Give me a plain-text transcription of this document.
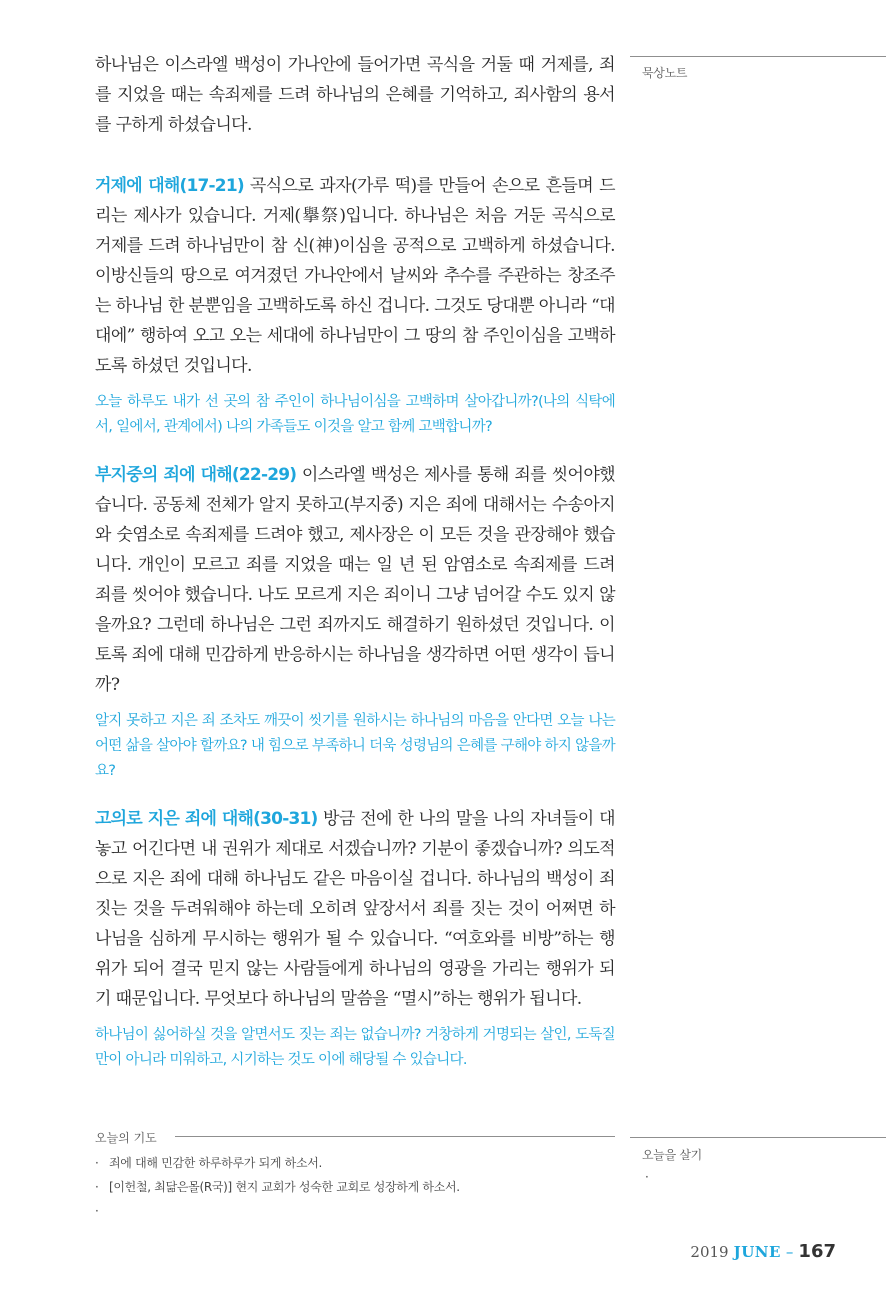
하나님은 이스라엘 백성이 가나안에 들어가면 곡식을 거둘 때 거제를, 죄를 지었을 때는 속죄제를 드려 하나님의 은혜를 기억하고, 죄사함의 용서를 구하게 하셨습니다.

거제에 대해(17-21) 곡식으로 과자(가루 떡)를 만들어 손으로 흔들며 드리는 제사가 있습니다. 거제(擧祭)입니다. 하나님은 처음 거둔 곡식으로 거제를 드려 하나님만이 참 신(神)이심을 공적으로 고백하게 하셨습니다. 이방신들의 땅으로 여겨졌던 가나안에서 날씨와 추수를 주관하는 창조주는 하나님 한 분뿐임을 고백하도록 하신 겁니다. 그것도 당대뿐 아니라 “대대에” 행하여 오고 오는 세대에 하나님만이 그 땅의 참 주인이심을 고백하도록 하셨던 것입니다.

오늘 하루도 내가 선 곳의 참 주인이 하나님이심을 고백하며 살아갑니까?(나의 식탁에서, 일에서, 관계에서) 나의 가족들도 이것을 알고 함께 고백합니까?

부지중의 죄에 대해(22-29) 이스라엘 백성은 제사를 통해 죄를 씻어야했습니다. 공동체 전체가 알지 못하고(부지중) 지은 죄에 대해서는 수송아지와 숫염소로 속죄제를 드려야 했고, 제사장은 이 모든 것을 관장해야 했습니다. 개인이 모르고 죄를 지었을 때는 일 년 된 암염소로 속죄제를 드려 죄를 씻어야 했습니다. 나도 모르게 지은 죄이니 그냥 넘어갈 수도 있지 않을까요? 그런데 하나님은 그런 죄까지도 해결하기 원하셨던 것입니다. 이토록 죄에 대해 민감하게 반응하시는 하나님을 생각하면 어떤 생각이 듭니까?

알지 못하고 지은 죄 조차도 깨끗이 씻기를 원하시는 하나님의 마음을 안다면 오늘 나는 어떤 삶을 살아야 할까요? 내 힘으로 부족하니 더욱 성령님의 은혜를 구해야 하지 않을까요?

고의로 지은 죄에 대해(30-31) 방금 전에 한 나의 말을 나의 자녀들이 대놓고 어긴다면 내 권위가 제대로 서겠습니까? 기분이 좋겠습니까? 의도적으로 지은 죄에 대해 하나님도 같은 마음이실 겁니다. 하나님의 백성이 죄짓는 것을 두려워해야 하는데 오히려 앞장서서 죄를 짓는 것이 어쩌면 하나님을 심하게 무시하는 행위가 될 수 있습니다. “여호와를 비방”하는 행위가 되어 결국 믿지 않는 사람들에게 하나님의 영광을 가리는 행위가 되기 때문입니다. 무엇보다 하나님의 말씀을 “멸시”하는 행위가 됩니다.

하나님이 싫어하실 것을 알면서도 짓는 죄는 없습니까? 거창하게 거명되는 살인, 도둑질만이 아니라 미워하고, 시기하는 것도 이에 해당될 수 있습니다.

묵상노트
오늘의 기도
· 죄에 대해 민감한 하루하루가 되게 하소서.
· [이헌철, 최닮은몰(R국)] 현지 교회가 성숙한 교회로 성장하게 하소서.
·
오늘을 살기
·
2019 JUNE – 167
